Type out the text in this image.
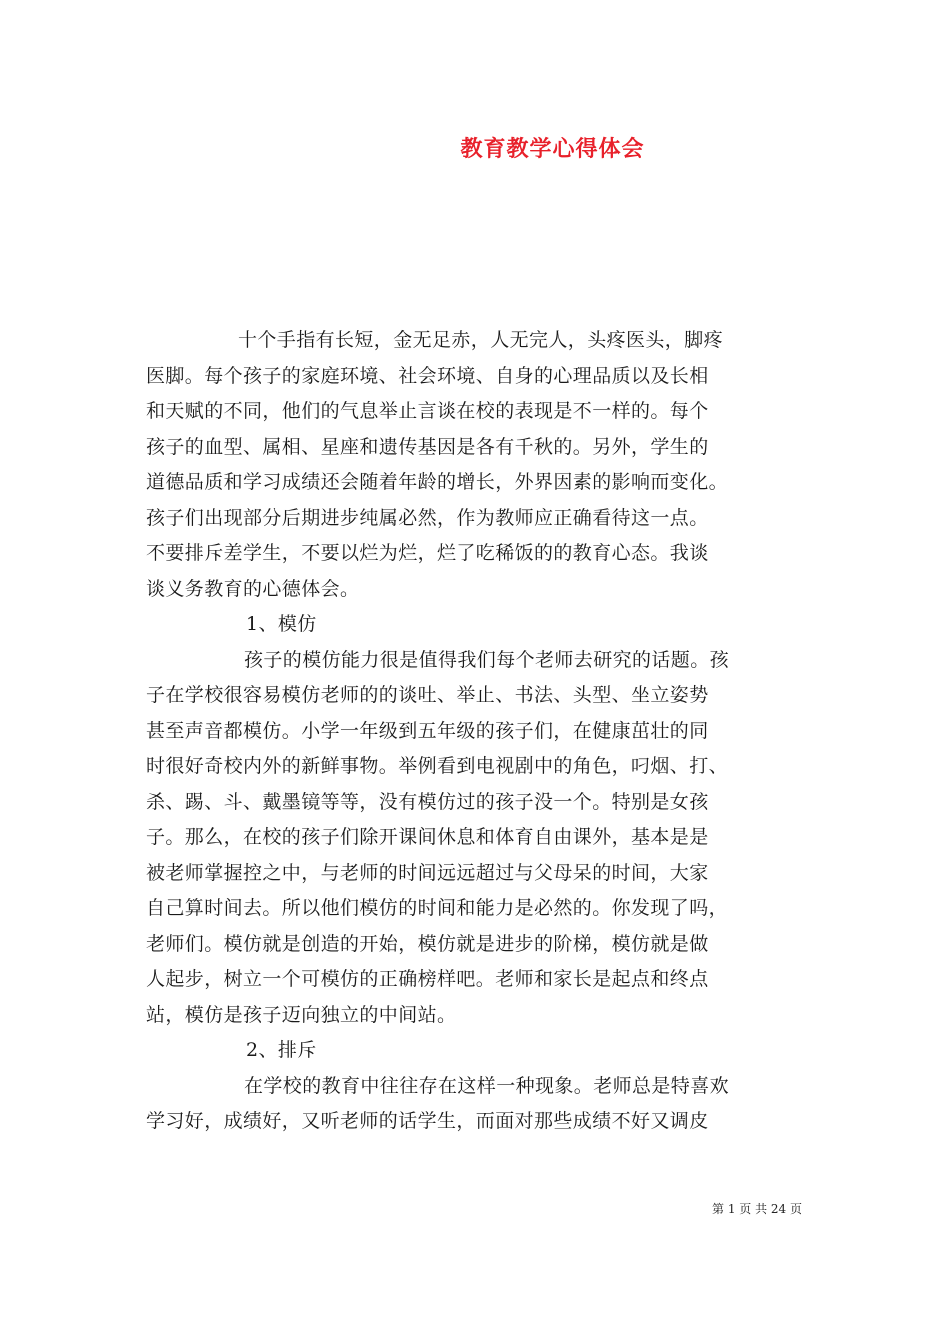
教育教学心得体会
十个手指有长短，金无足赤，人无完人，头疼医头，脚疼
医脚。每个孩子的家庭环境、社会环境、自身的心理品质以及长相
和天赋的不同，他们的气息举止言谈在校的表现是不一样的。每个
孩子的血型、属相、星座和遗传基因是各有千秋的。另外，学生的
道德品质和学习成绩还会随着年龄的增长，外界因素的影响而变化。
孩子们出现部分后期进步纯属必然，作为教师应正确看待这一点。
不要排斥差学生，不要以烂为烂，烂了吃稀饭的的教育心态。我谈
谈义务教育的心德体会。
1、模仿
孩子的模仿能力很是值得我们每个老师去研究的话题。孩
子在学校很容易模仿老师的的谈吐、举止、书法、头型、坐立姿势
甚至声音都模仿。小学一年级到五年级的孩子们，在健康茁壮的同
时很好奇校内外的新鲜事物。举例看到电视剧中的角色，叼烟、打、
杀、踢、斗、戴墨镜等等，没有模仿过的孩子没一个。特别是女孩
子。那么，在校的孩子们除开课间休息和体育自由课外，基本是是
被老师掌握控之中，与老师的时间远远超过与父母呆的时间，大家
自己算时间去。所以他们模仿的时间和能力是必然的。你发现了吗，
老师们。模仿就是创造的开始，模仿就是进步的阶梯，模仿就是做
人起步，树立一个可模仿的正确榜样吧。老师和家长是起点和终点
站，模仿是孩子迈向独立的中间站。
2、排斥
在学校的教育中往往存在这样一种现象。老师总是特喜欢
学习好，成绩好，又听老师的话学生，而面对那些成绩不好又调皮
第 1 页 共 24 页
